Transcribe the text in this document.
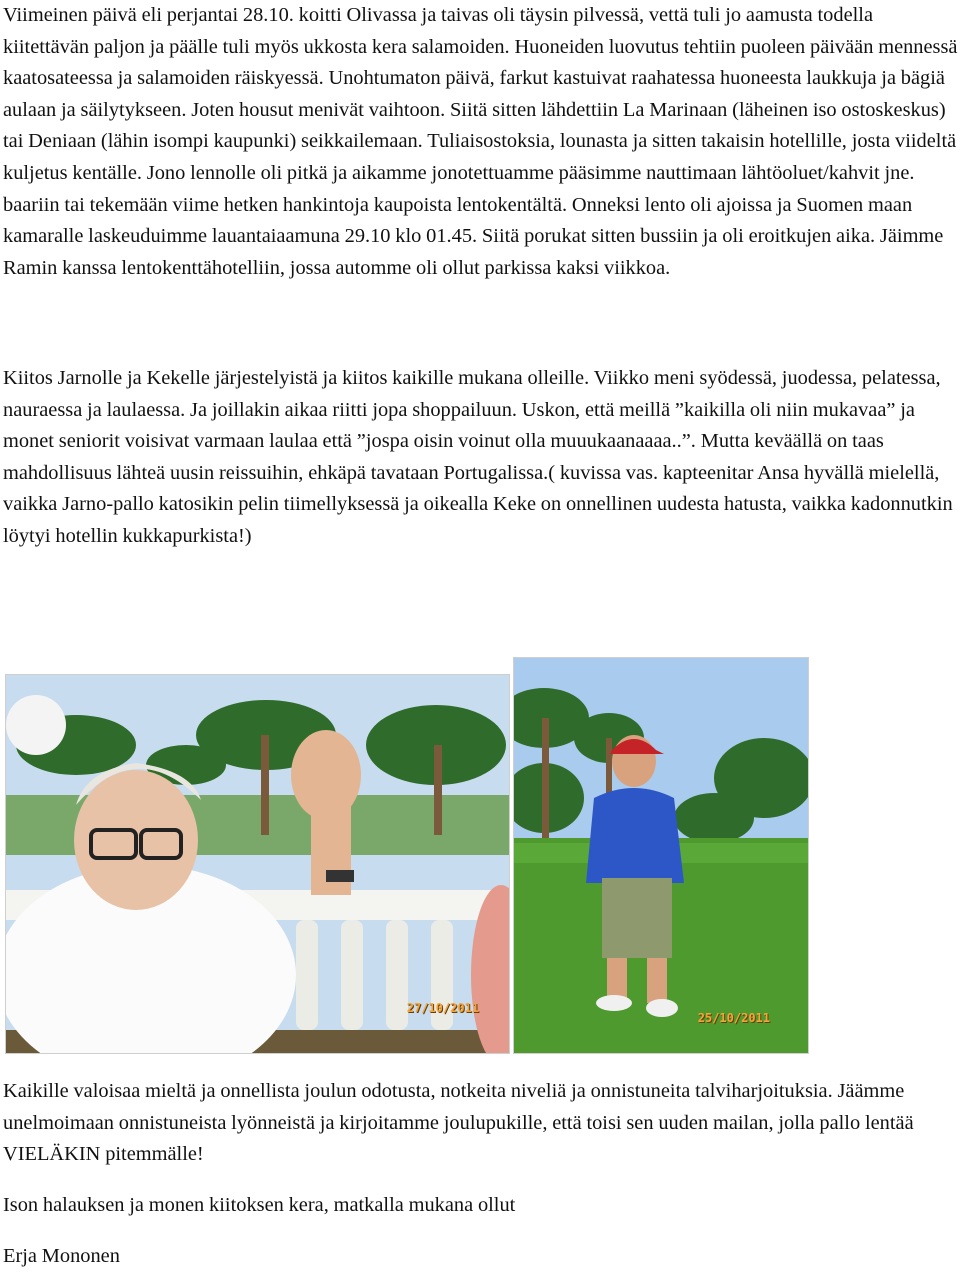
Viimeinen päivä eli perjantai 28.10. koitti Olivassa ja taivas oli täysin pilvessä, vettä tuli jo aamusta todella kiitettävän paljon ja päälle tuli myös ukkosta kera salamoiden. Huoneiden luovutus tehtiin puoleen päivään mennessä kaatosateessa ja salamoiden räiskyessä. Unohtumaton päivä, farkut kastuivat raahatessa huoneesta laukkuja ja bägiä aulaan ja säilytykseen. Joten housut menivät vaihtoon. Siitä sitten lähdettiin La Marinaan (läheinen iso ostoskeskus) tai Deniaan (lähin isompi kaupunki) seikkailemaan. Tuliaisostoksia, lounasta ja sitten takaisin hotellille, josta viideltä kuljetus kentälle. Jono lennolle oli pitkä ja aikamme jonotettuamme pääsimme nauttimaan lähtöoluet/kahvit jne. baariin tai tekemään viime hetken hankintoja kaupoista lentokentältä. Onneksi lento oli ajoissa ja Suomen maan kamaralle laskeuduimme lauantaiaamuna 29.10 klo 01.45. Siitä porukat sitten bussiin ja oli eroitkujen aika. Jäimme Ramin kanssa lentokenttähotelliin, jossa automme oli ollut parkissa kaksi viikkoa.

Kiitos Jarnolle ja Kekelle järjestelyistä ja kiitos kaikille mukana olleille. Viikko meni syödessä, juodessa, pelatessa, nauraessa ja laulaessa. Ja joillakin aikaa riitti jopa shoppailuun. Uskon, että meillä ”kaikilla oli niin mukavaa” ja monet seniorit voisivat varmaan laulaa että ”jospa oisin voinut olla muuukaanaaaa..”. Mutta keväällä on taas mahdollisuus lähteä uusin reissuihin, ehkäpä tavataan Portugalissa.( kuvissa vas. kapteenitar Ansa hyvällä mielellä, vaikka Jarno-pallo katosikin pelin tiimellyksessä ja oikealla Keke on onnellinen uudesta hatusta, vaikka kadonnutkin löytyi hotellin kukkapurkista!)

27/10/2011
25/10/2011

Kaikille valoisaa mieltä ja onnellista joulun odotusta, notkeita niveliä ja onnistuneita talviharjoituksia. Jäämme unelmoimaan onnistuneista lyönneistä ja kirjoitamme joulupukille, että toisi sen uuden mailan, jolla pallo lentää VIELÄKIN pitemmälle!

Ison halauksen ja monen kiitoksen kera, matkalla mukana ollut

Erja Mononen
